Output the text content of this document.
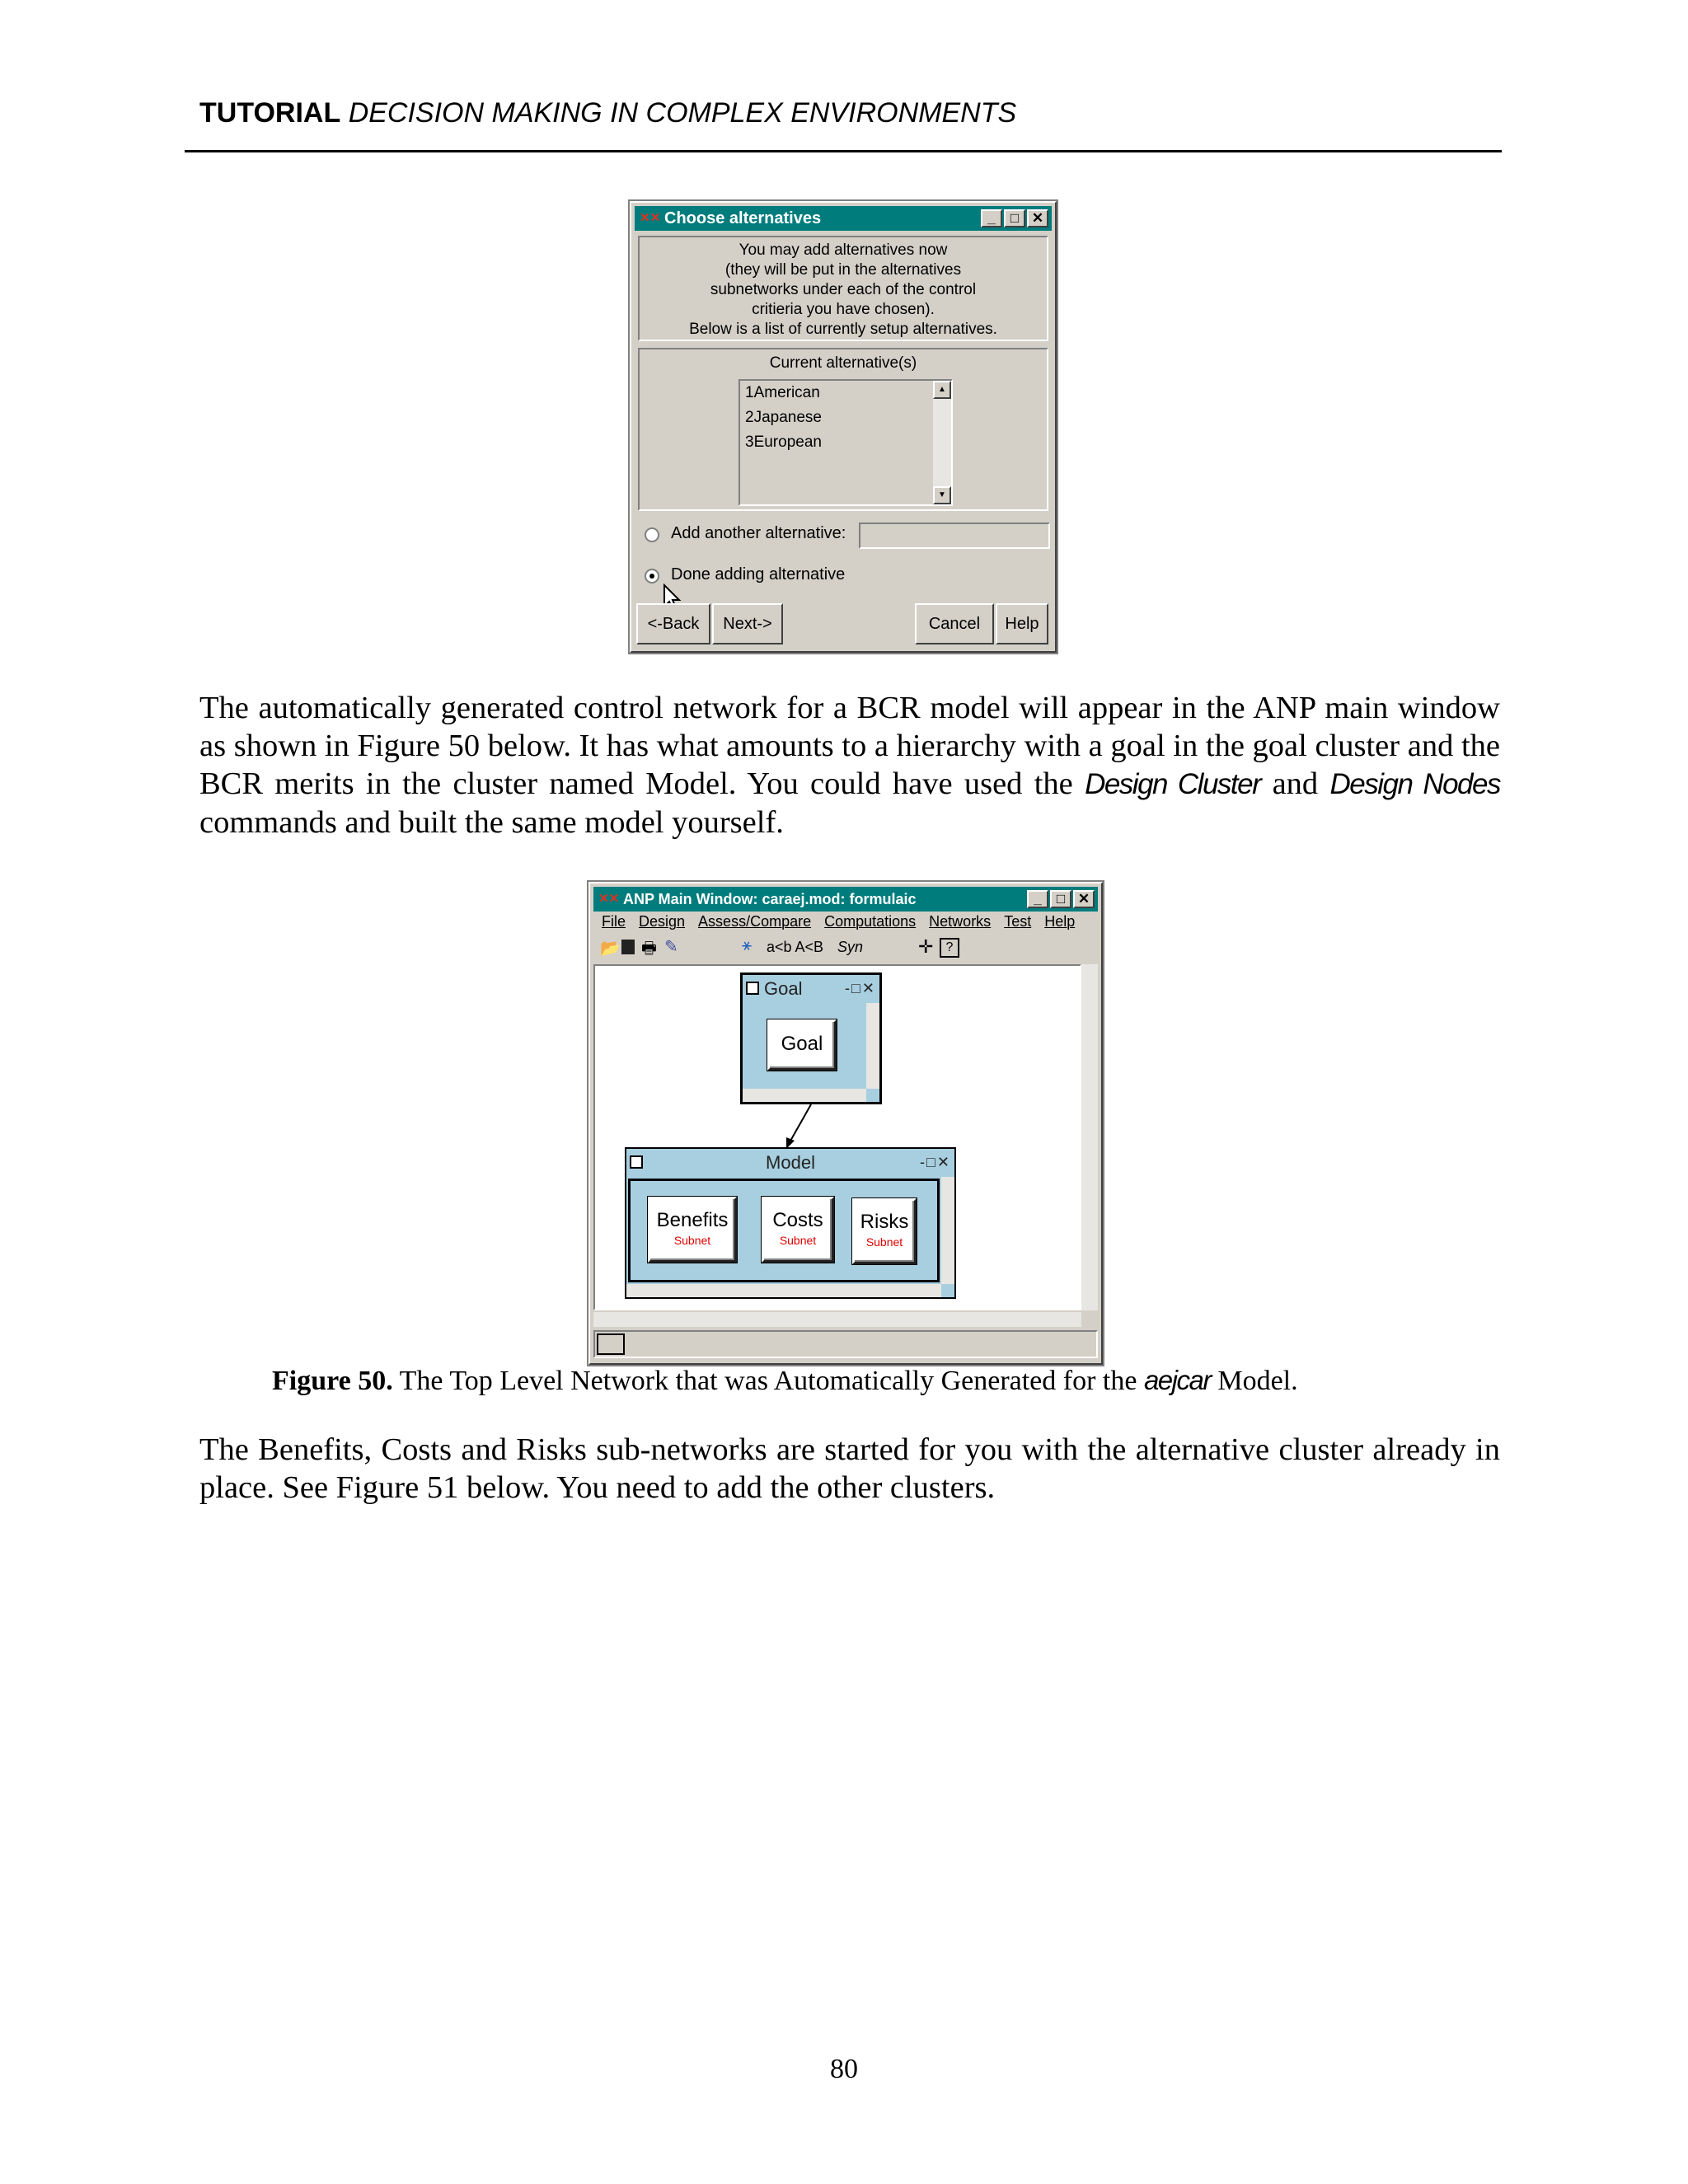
TUTORIAL DECISION MAKING IN COMPLEX ENVIRONMENTS
✕✕ Choose alternatives	_	□ ✕
You may add alternatives now
(they will be put in the alternatives
subnetworks under each of the control
critieria you have chosen).
Below is a list of currently setup alternatives.
Current alternative(s)
1American
2Japanese
3European
▲
▼
Add another alternative:
Done adding alternative
<-Back	Next->	Cancel	Help
The automatically generated control network for a BCR model will appear in the ANP main window as shown in Figure 50 below. It has what amounts to a hierarchy with a goal in the goal cluster and the BCR merits in the cluster named Model. You could have used the Design Cluster and Design Nodes commands and built the same model yourself.
✕✕ ANP Main Window: caraej.mod: formulaic	_	□ ✕
File Design Assess/Compare Computations Networks Test Help
📂 🖶 ✎	⚹ a<b A<B Syn	✛ ?
Goal	-□✕
Goal
Model	-□✕
Benefits
Subnet
Costs
Subnet
Risks
Subnet
Figure 50. The Top Level Network that was Automatically Generated for the aejcar Model.
The Benefits, Costs and Risks sub-networks are started for you with the alternative cluster already in place. See Figure 51 below. You need to add the other clusters.
80
